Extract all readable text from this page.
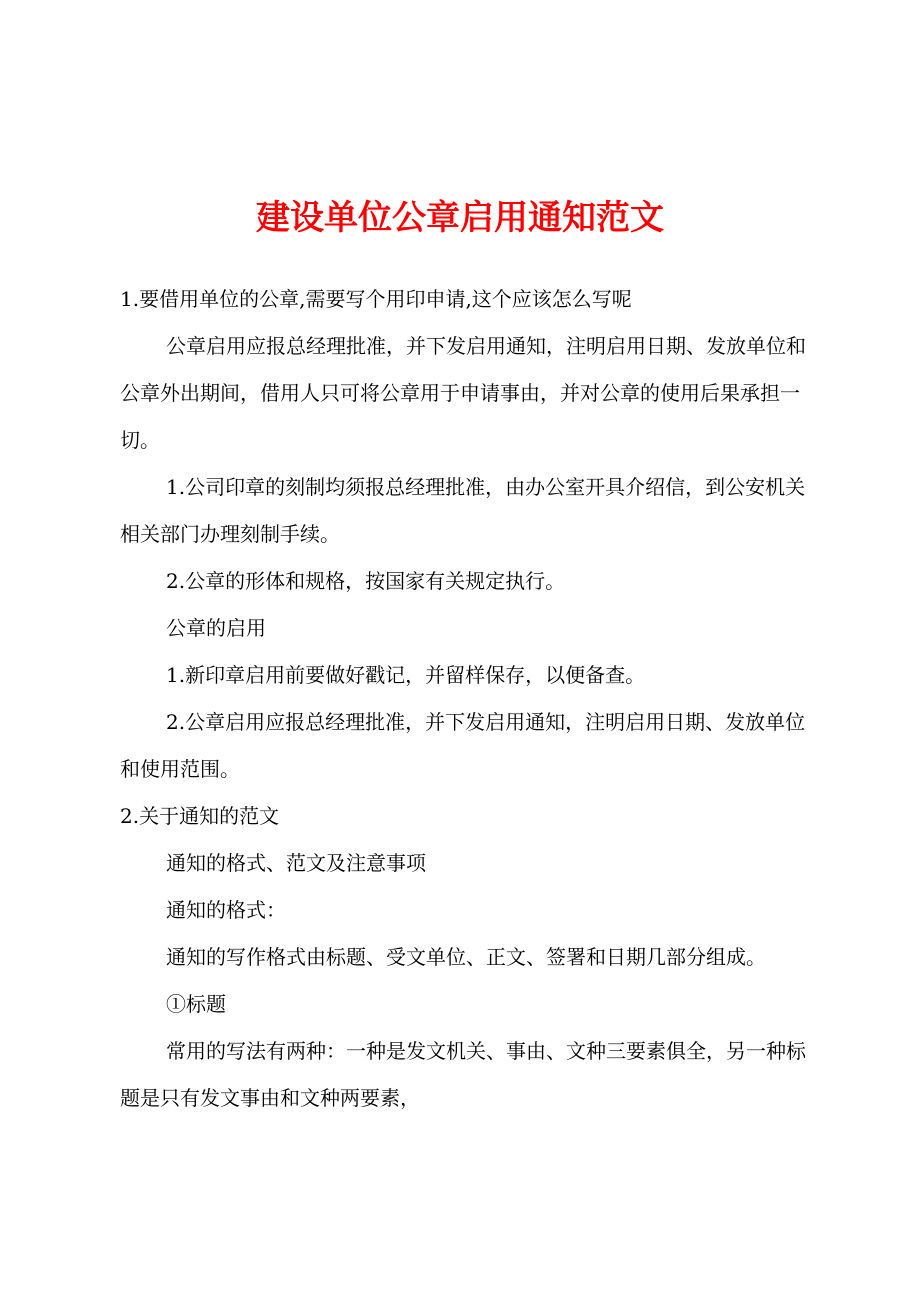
建设单位公章启用通知范文

1.要借用单位的公章,需要写个用印申请,这个应该怎么写呢

公章启用应报总经理批准，并下发启用通知，注明启用日期、发放单位和公章外出期间，借用人只可将公章用于申请事由，并对公章的使用后果承担一切。

1.公司印章的刻制均须报总经理批准，由办公室开具介绍信，到公安机关相关部门办理刻制手续。

2.公章的形体和规格，按国家有关规定执行。

公章的启用

1.新印章启用前要做好戳记，并留样保存，以便备查。

2.公章启用应报总经理批准，并下发启用通知，注明启用日期、发放单位和使用范围。

2.关于通知的范文

通知的格式、范文及注意事项

通知的格式：

通知的写作格式由标题、受文单位、正文、签署和日期几部分组成。

①标题

常用的写法有两种：一种是发文机关、事由、文种三要素俱全，另一种标题是只有发文事由和文种两要素，
